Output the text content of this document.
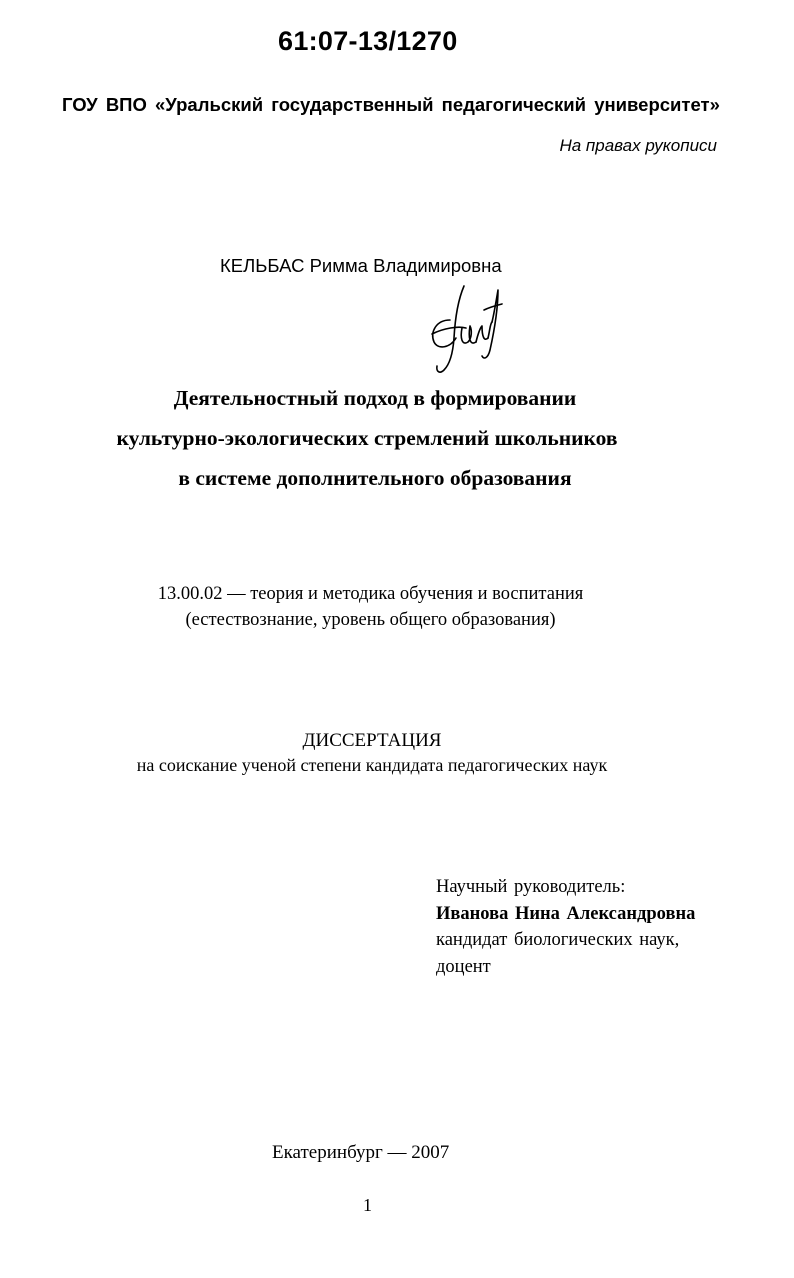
61:07-13/1270
ГОУ ВПО «Уральский государственный педагогический университет»
На правах рукописи
КЕЛЬБАС Римма Владимировна
Деятельностный подход в формировании
культурно-экологических стремлений школьников
в системе дополнительного образования
13.00.02 — теория и методика обучения и воспитания
(естествознание, уровень общего образования)
ДИССЕРТАЦИЯ
на соискание ученой степени кандидата педагогических наук
Научный руководитель:
Иванова Нина Александровна
кандидат биологических наук,
доцент
Екатеринбург — 2007
1
